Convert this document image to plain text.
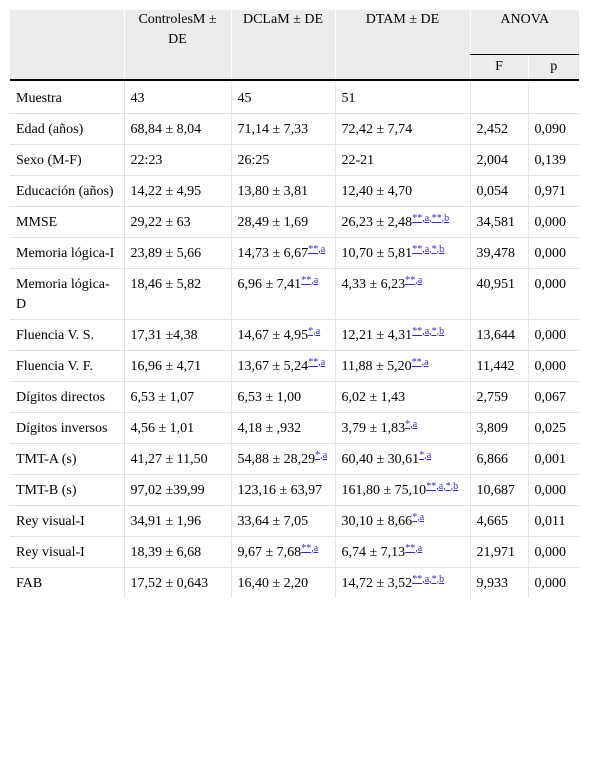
	ControlesM ± DE	DCLaM ± DE	DTAM ± DE	ANOVA	
				F	p
Muestra	43	45	51		
Edad (años)	68,84 ± 8,04	71,14 ± 7,33	72,42 ± 7,74	2,452	0,090
Sexo (M-F)	22:23	26:25	22-21	2,004	0,139
Educación (años)	14,22 ± 4,95	13,80 ± 3,81	12,40 ± 4,70	0,054	0,971
MMSE	29,22 ± 63	28,49 ± 1,69	26,23 ± 2,48$^{**,a,**,b}$	34,581	0,000
Memoria lógica-I	23,89 ± 5,66	14,73 ± 6,67$^{**,a}$	10,70 ± 5,81$^{**,a,*,b}$	39,478	0,000
Memoria lógica-D	18,46 ± 5,82	6,96 ± 7,41$^{**,a}$	4,33 ± 6,23$^{**,a}$	40,951	0,000
Fluencia V. S.	17,31 ±4,38	14,67 ± 4,95$^{*,a}$	12,21 ± 4,31$^{**,a,*,b}$	13,644	0,000
Fluencia V. F.	16,96 ± 4,71	13,67 ± 5,24$^{**,a}$	11,88 ± 5,20$^{**,a}$	11,442	0,000
Dígitos directos	6,53 ± 1,07	6,53 ± 1,00	6,02 ± 1,43	2,759	0,067
Dígitos inversos	4,56 ± 1,01	4,18 ± ,932	3,79 ± 1,83$^{*,a}$	3,809	0,025
TMT-A (s)	41,27 ± 11,50	54,88 ± 28,29$^{*,a}$	60,40 ± 30,61$^{*,a}$	6,866	0,001
TMT-B (s)	97,02 ±39,99	123,16 ± 63,97	161,80 ± 75,10$^{**,a,*,b}$	10,687	0,000
Rey visual-I	34,91 ± 1,96	33,64 ± 7,05	30,10 ± 8,66$^{*,a}$	4,665	0,011
Rey visual-I	18,39 ± 6,68	9,67 ± 7,68$^{**,a}$	6,74 ± 7,13$^{**,a}$	21,971	0,000
FAB	17,52 ± 0,643	16,40 ± 2,20	14,72 ± 3,52$^{**,a,*,b}$	9,933	0,000
